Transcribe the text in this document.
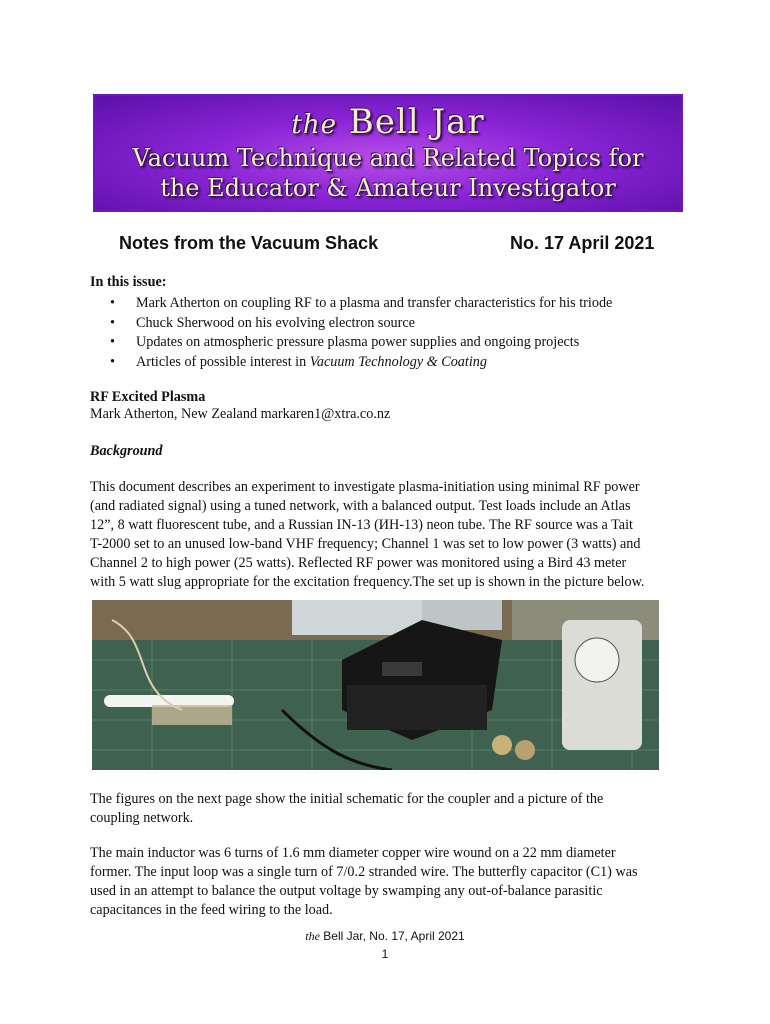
the Bell Jar
Vacuum Technique and Related Topics for
the Educator & Amateur Investigator
Notes from the Vacuum Shack	No. 17 April 2021
In this issue:
• Mark Atherton on coupling RF to a plasma and transfer characteristics for his triode
• Chuck Sherwood on his evolving electron source
• Updates on atmospheric pressure plasma power supplies and ongoing projects
• Articles of possible interest in Vacuum Technology & Coating
RF Excited Plasma
Mark Atherton, New Zealand markaren1@xtra.co.nz
Background
This document describes an experiment to investigate plasma-initiation using minimal RF power
(and radiated signal) using a tuned network, with a balanced output. Test loads include an Atlas
12”, 8 watt fluorescent tube, and a Russian IN-13 (ИН-13) neon tube. The RF source was a Tait
T-2000 set to an unused low-band VHF frequency; Channel 1 was set to low power (3 watts) and
Channel 2 to high power (25 watts). Reflected RF power was monitored using a Bird 43 meter
with 5 watt slug appropriate for the excitation frequency.The set up is shown in the picture below.
The figures on the next page show the initial schematic for the coupler and a picture of the
coupling network.
The main inductor was 6 turns of 1.6 mm diameter copper wire wound on a 22 mm diameter
former. The input loop was a single turn of 7/0.2 stranded wire. The butterfly capacitor (C1) was
used in an attempt to balance the output voltage by swamping any out-of-balance parasitic
capacitances in the feed wiring to the load.
the Bell Jar, No. 17, April 2021
1
